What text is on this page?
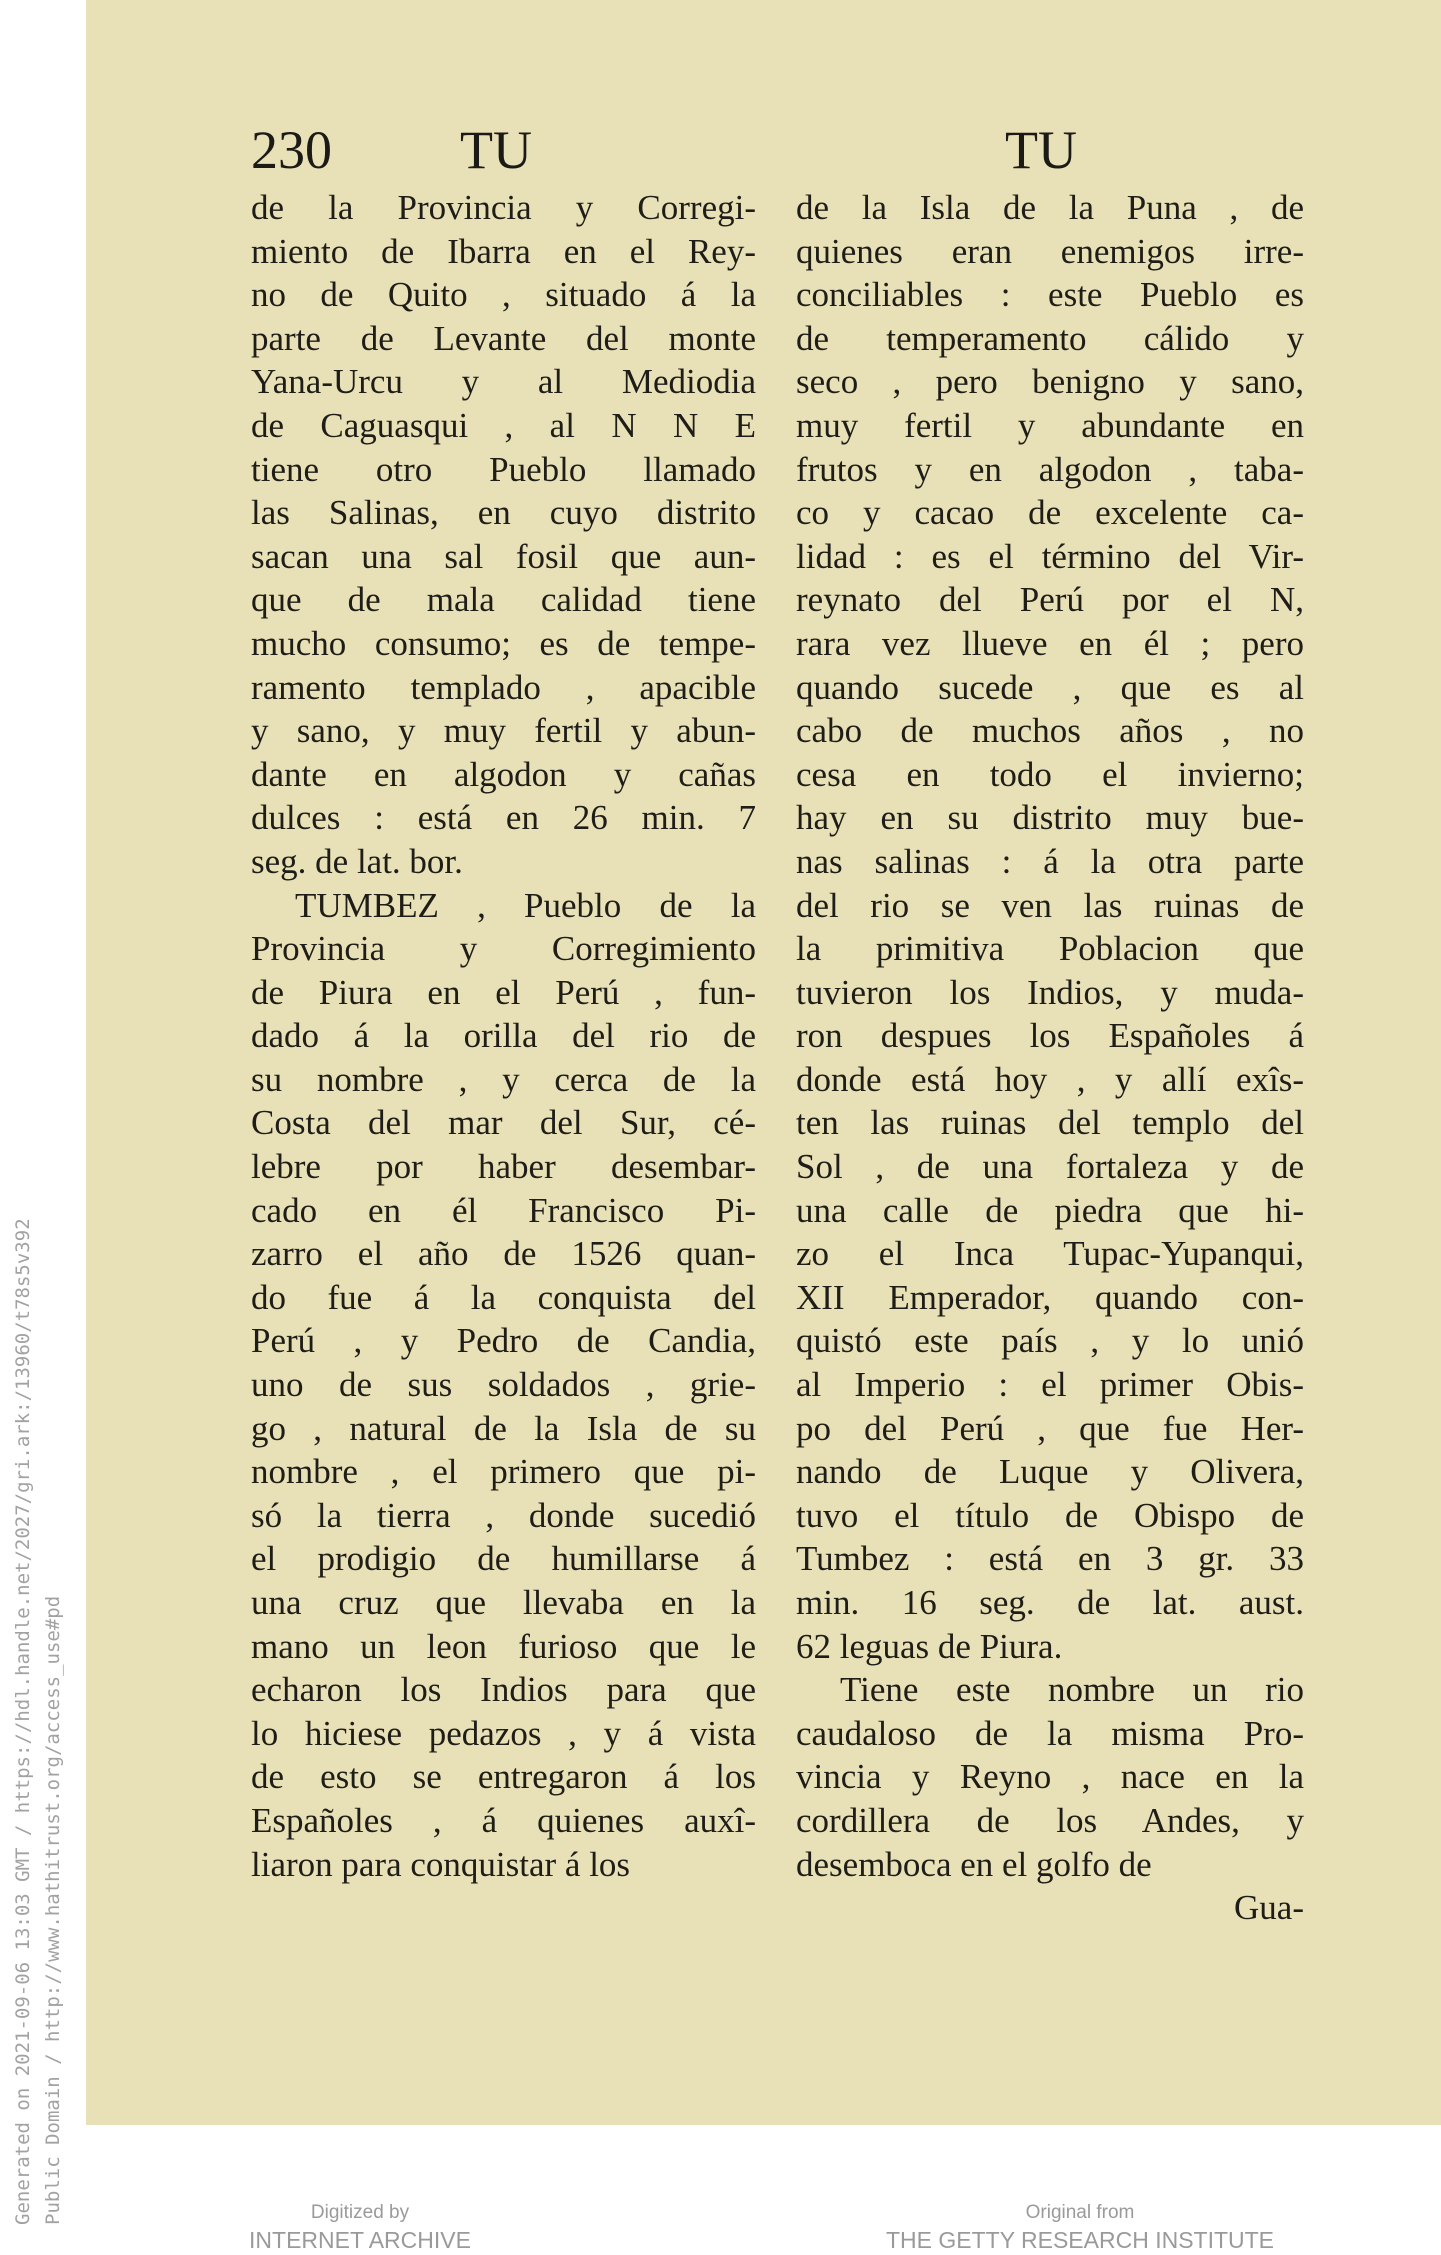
Generated on 2021-09-06 13:03 GMT / https://hdl.handle.net/2027/gri.ark:/13960/t78s5v392 Public Domain / http://www.hathitrust.org/access_use#pd
230 TU	TU
de la Provincia y Corregi-
miento de Ibarra en el Rey-
no de Quito , situado á la
parte de Levante del monte
Yana-Urcu y al Mediodia
de Caguasqui , al N N E
tiene otro Pueblo llamado
las Salinas, en cuyo distrito
sacan una sal fosil que aun-
que de mala calidad tiene
mucho consumo; es de tempe-
ramento templado , apacible
y sano, y muy fertil y abun-
dante en algodon y cañas
dulces : está en 26 min. 7
seg. de lat. bor.
TUMBEZ , Pueblo de la
Provincia y Corregimiento
de Piura en el Perú , fun-
dado á la orilla del rio de
su nombre , y cerca de la
Costa del mar del Sur, cé-
lebre por haber desembar-
cado en él Francisco Pi-
zarro el año de 1526 quan-
do fue á la conquista del
Perú , y Pedro de Candia,
uno de sus soldados , grie-
go , natural de la Isla de su
nombre , el primero que pi-
só la tierra , donde sucedió
el prodigio de humillarse á
una cruz que llevaba en la
mano un leon furioso que le
echaron los Indios para que
lo hiciese pedazos , y á vista
de esto se entregaron á los
Españoles , á quienes auxî-
liaron para conquistar á los
de la Isla de la Puna , de
quienes eran enemigos irre-
conciliables : este Pueblo es
de temperamento cálido y
seco , pero benigno y sano,
muy fertil y abundante en
frutos y en algodon , taba-
co y cacao de excelente ca-
lidad : es el término del Vir-
reynato del Perú por el N,
rara vez llueve en él ; pero
quando sucede , que es al
cabo de muchos años , no
cesa en todo el invierno;
hay en su distrito muy bue-
nas salinas : á la otra parte
del rio se ven las ruinas de
la primitiva Poblacion que
tuvieron los Indios, y muda-
ron despues los Españoles á
donde está hoy , y allí exîs-
ten las ruinas del templo del
Sol , de una fortaleza y de
una calle de piedra que hi-
zo el Inca Tupac-Yupanqui,
XII Emperador, quando con-
quistó este país , y lo unió
al Imperio : el primer Obis-
po del Perú , que fue Her-
nando de Luque y Olivera,
tuvo el título de Obispo de
Tumbez : está en 3 gr. 33
min. 16 seg. de lat. aust.
62 leguas de Piura.
Tiene este nombre un rio
caudaloso de la misma Pro-
vincia y Reyno , nace en la
cordillera de los Andes, y
desemboca en el golfo de
Gua-
Digitized by
INTERNET ARCHIVE
Original from
THE GETTY RESEARCH INSTITUTE
